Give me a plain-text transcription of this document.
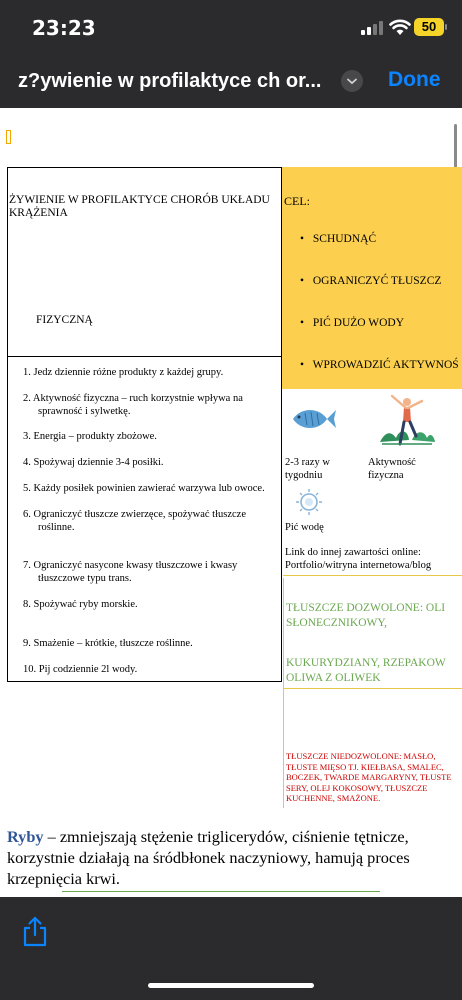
23:23	50
z?ywienie w profilaktyce ch or...	Done
ŻYWIENIE W PROFILAKTYCE CHORÓB UKŁADU KRĄŻENIA
1. Jedz dziennie różne produkty z każdej grupy.
2. Aktywność fizyczna – ruch korzystnie wpływa na sprawność i sylwetkę.
3. Energia – produkty zbożowe.
4. Spożywaj dziennie 3-4 posiłki.
5. Każdy posiłek powinien zawierać warzywa lub owoce.
6. Ograniczyć tłuszcze zwierzęce, spożywać tłuszcze roślinne.
7. Ograniczyć nasycone kwasy tłuszczowe i kwasy tłuszczowe typu trans.
8. Spożywać ryby morskie.
9. Smażenie – krótkie, tłuszcze roślinne.
10. Pij codziennie 2l wody.
CEL:
• SCHUDNĄĆ
• OGRANICZYĆ TŁUSZCZ
• PIĆ DUŻO WODY
• WPROWADZIĆ AKTYWNOŚ
FIZYCZNĄ
2-3 razy w
tygodniu
Aktywność
fizyczna
Pić wodę
Link do innej zawartości online:
Portfolio/witryna internetowa/blog
TŁUSZCZE DOZWOLONE: OLI
SŁONECZNIKOWY,
KUKURYDZIANY, RZEPAKOW
OLIWA Z OLIWEK
TŁUSZCZE NIEDOZWOLONE: MASŁO,
TŁUSTE MIĘSO TJ. KIEŁBASA, SMALEC,
BOCZEK, TWARDE MARGARYNY, TŁUSTE
SERY, OLEJ KOKOSOWY, TŁUSZCZE
KUCHENNE, SMAŻONE.
Ryby – zmniejszają stężenie triglicerydów, ciśnienie tętnicze, korzystnie działają na śródbłonek naczyniowy, hamują proces krzepnięcia krwi.
